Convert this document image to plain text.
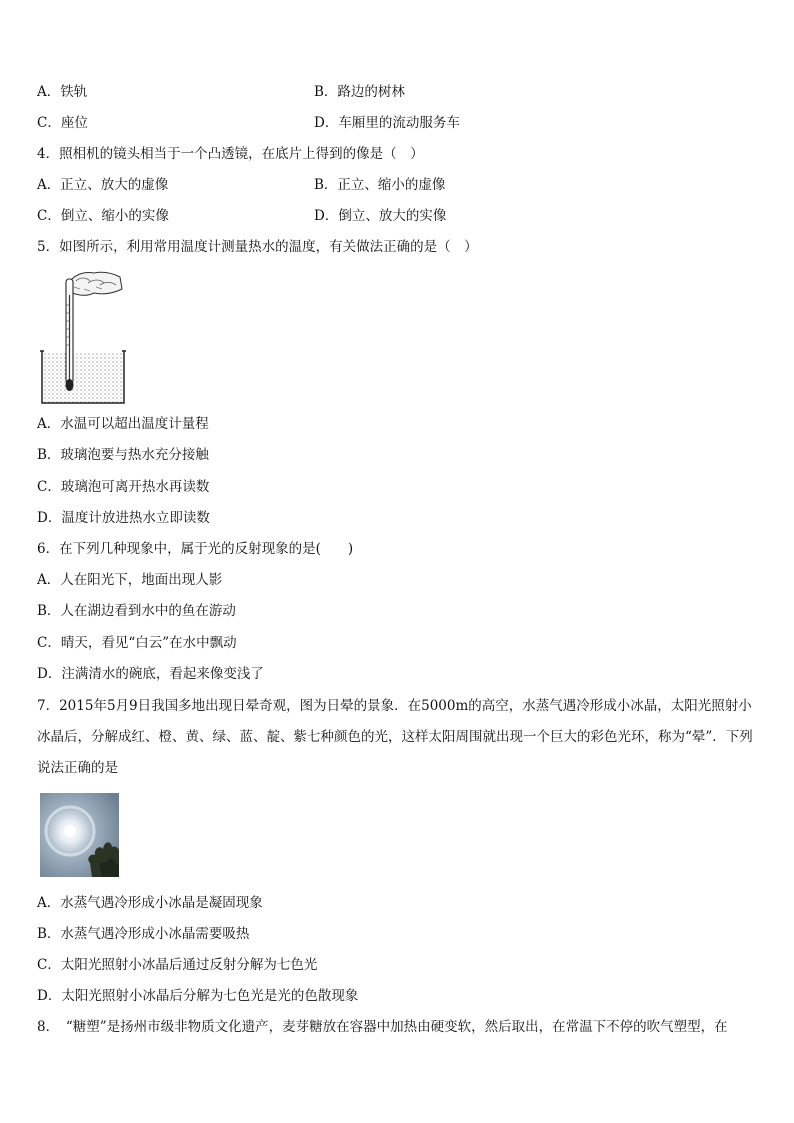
A．铁轨	B．路边的树林
C．座位	D．车厢里的流动服务车
4．照相机的镜头相当于一个凸透镜，在底片上得到的像是（　）
A．正立、放大的虚像	B．正立、缩小的虚像
C．倒立、缩小的实像	D．倒立、放大的实像
5．如图所示，利用常用温度计测量热水的温度，有关做法正确的是（　）
A．水温可以超出温度计量程
B．玻璃泡要与热水充分接触
C．玻璃泡可离开热水再读数
D．温度计放进热水立即读数
6．在下列几种现象中，属于光的反射现象的是(　　)
A．人在阳光下，地面出现人影
B．人在湖边看到水中的鱼在游动
C．晴天，看见“白云”在水中飘动
D．注满清水的碗底，看起来像变浅了
7．2015年5月9日我国多地出现日晕奇观，图为日晕的景象．在5000m的高空，水蒸气遇冷形成小冰晶，太阳光照射小冰晶后，分解成红、橙、黄、绿、蓝、靛、紫七种颜色的光，这样太阳周围就出现一个巨大的彩色光环，称为“晕”．下列说法正确的是
A．水蒸气遇冷形成小冰晶是凝固现象
B．水蒸气遇冷形成小冰晶需要吸热
C．太阳光照射小冰晶后通过反射分解为七色光
D．太阳光照射小冰晶后分解为七色光是光的色散现象
8．　“糖塑”是扬州市级非物质文化遗产，麦芽糖放在容器中加热由硬变软，然后取出，在常温下不停的吹气塑型，在
